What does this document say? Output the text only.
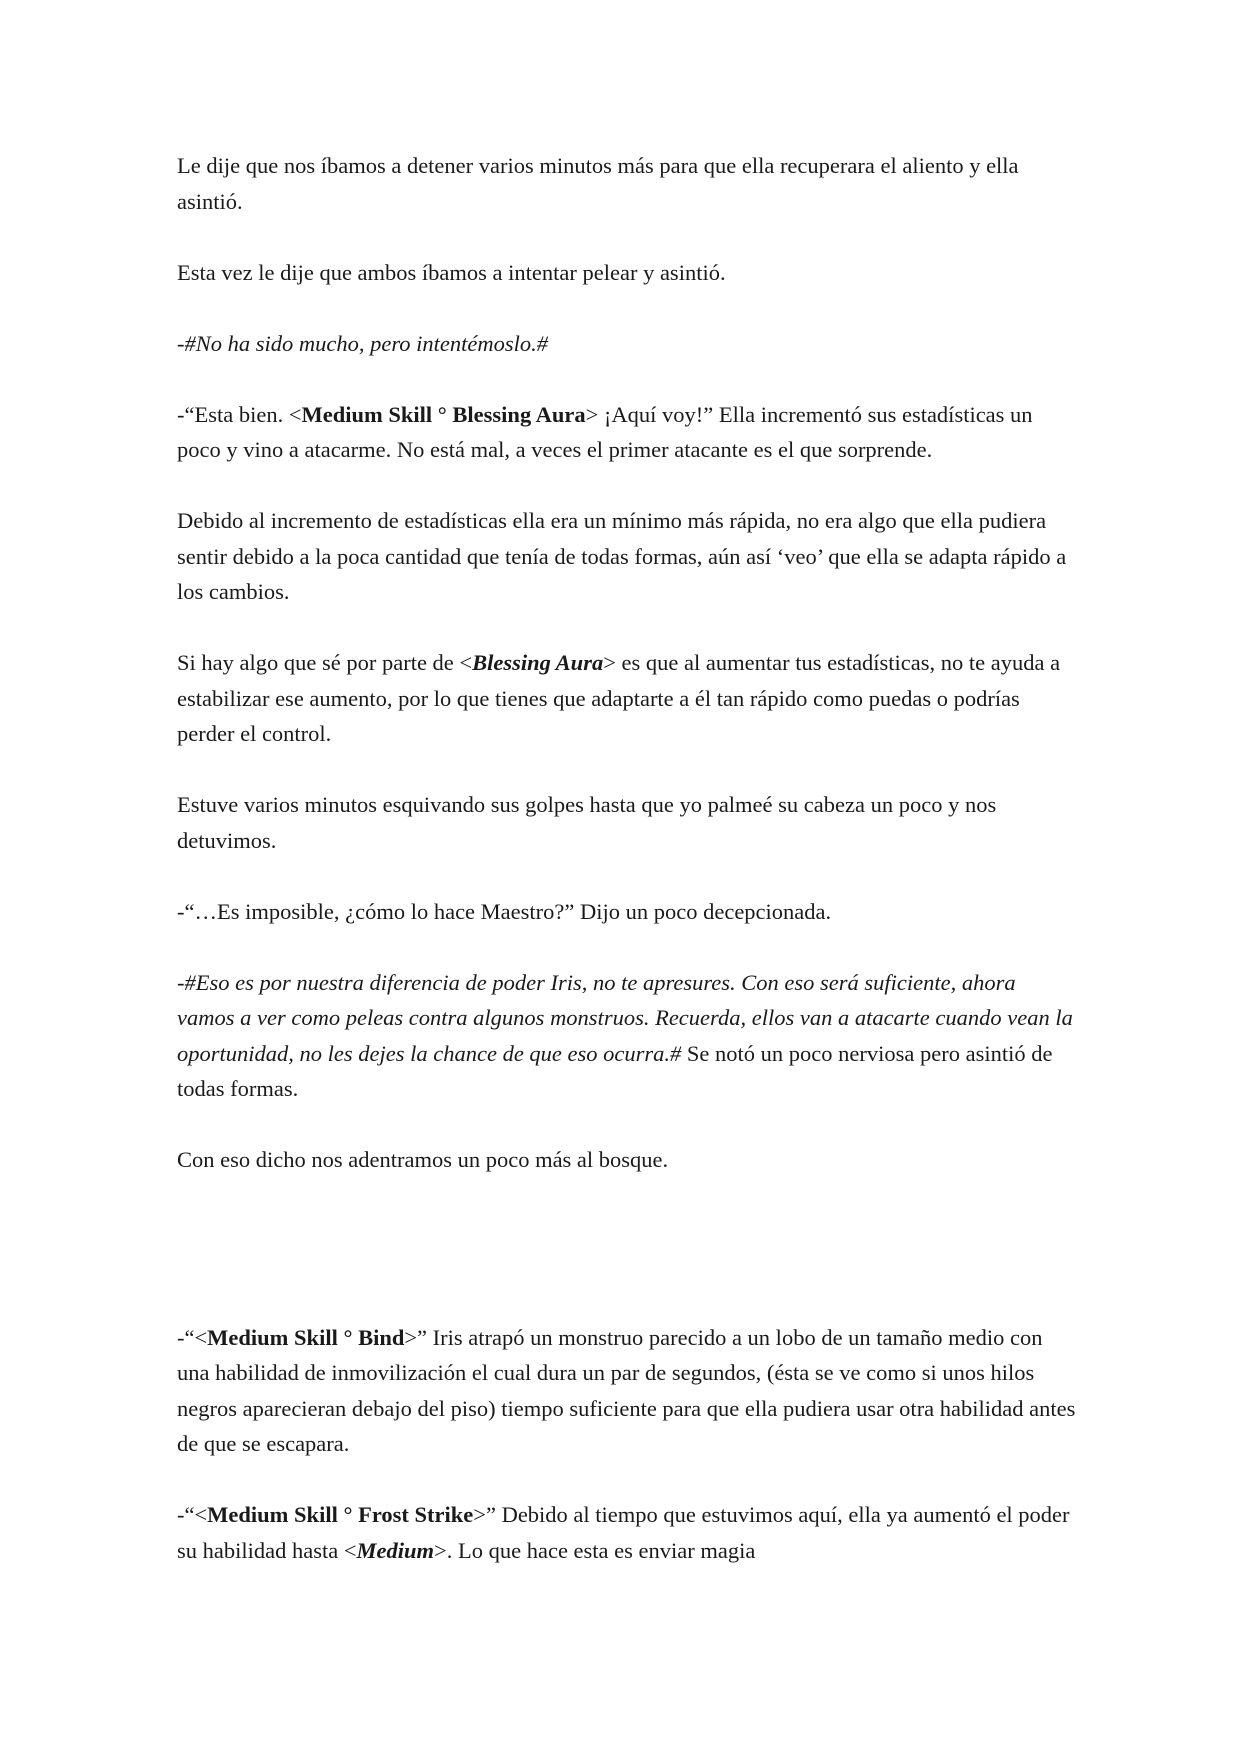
Le dije que nos íbamos a detener varios minutos más para que ella recuperara el aliento y ella asintió.

Esta vez le dije que ambos íbamos a intentar pelear y asintió.

-#No ha sido mucho, pero intentémoslo.#

-“Esta bien. <Medium Skill ° Blessing Aura> ¡Aquí voy!” Ella incrementó sus estadísticas un poco y vino a atacarme. No está mal, a veces el primer atacante es el que sorprende.

Debido al incremento de estadísticas ella era un mínimo más rápida, no era algo que ella pudiera sentir debido a la poca cantidad que tenía de todas formas, aún así ‘veo’ que ella se adapta rápido a los cambios.

Si hay algo que sé por parte de <Blessing Aura> es que al aumentar tus estadísticas, no te ayuda a estabilizar ese aumento, por lo que tienes que adaptarte a él tan rápido como puedas o podrías perder el control.

Estuve varios minutos esquivando sus golpes hasta que yo palmeé su cabeza un poco y nos detuvimos.

-“…Es imposible, ¿cómo lo hace Maestro?” Dijo un poco decepcionada.

-#Eso es por nuestra diferencia de poder Iris, no te apresures. Con eso será suficiente, ahora vamos a ver como peleas contra algunos monstruos. Recuerda, ellos van a atacarte cuando vean la oportunidad, no les dejes la chance de que eso ocurra.# Se notó un poco nerviosa pero asintió de todas formas.

Con eso dicho nos adentramos un poco más al bosque.

-“<Medium Skill ° Bind>” Iris atrapó un monstruo parecido a un lobo de un tamaño medio con una habilidad de inmovilización el cual dura un par de segundos, (ésta se ve como si unos hilos negros aparecieran debajo del piso) tiempo suficiente para que ella pudiera usar otra habilidad antes de que se escapara.

-“<Medium Skill ° Frost Strike>” Debido al tiempo que estuvimos aquí, ella ya aumentó el poder su habilidad hasta <Medium>. Lo que hace esta es enviar magia
